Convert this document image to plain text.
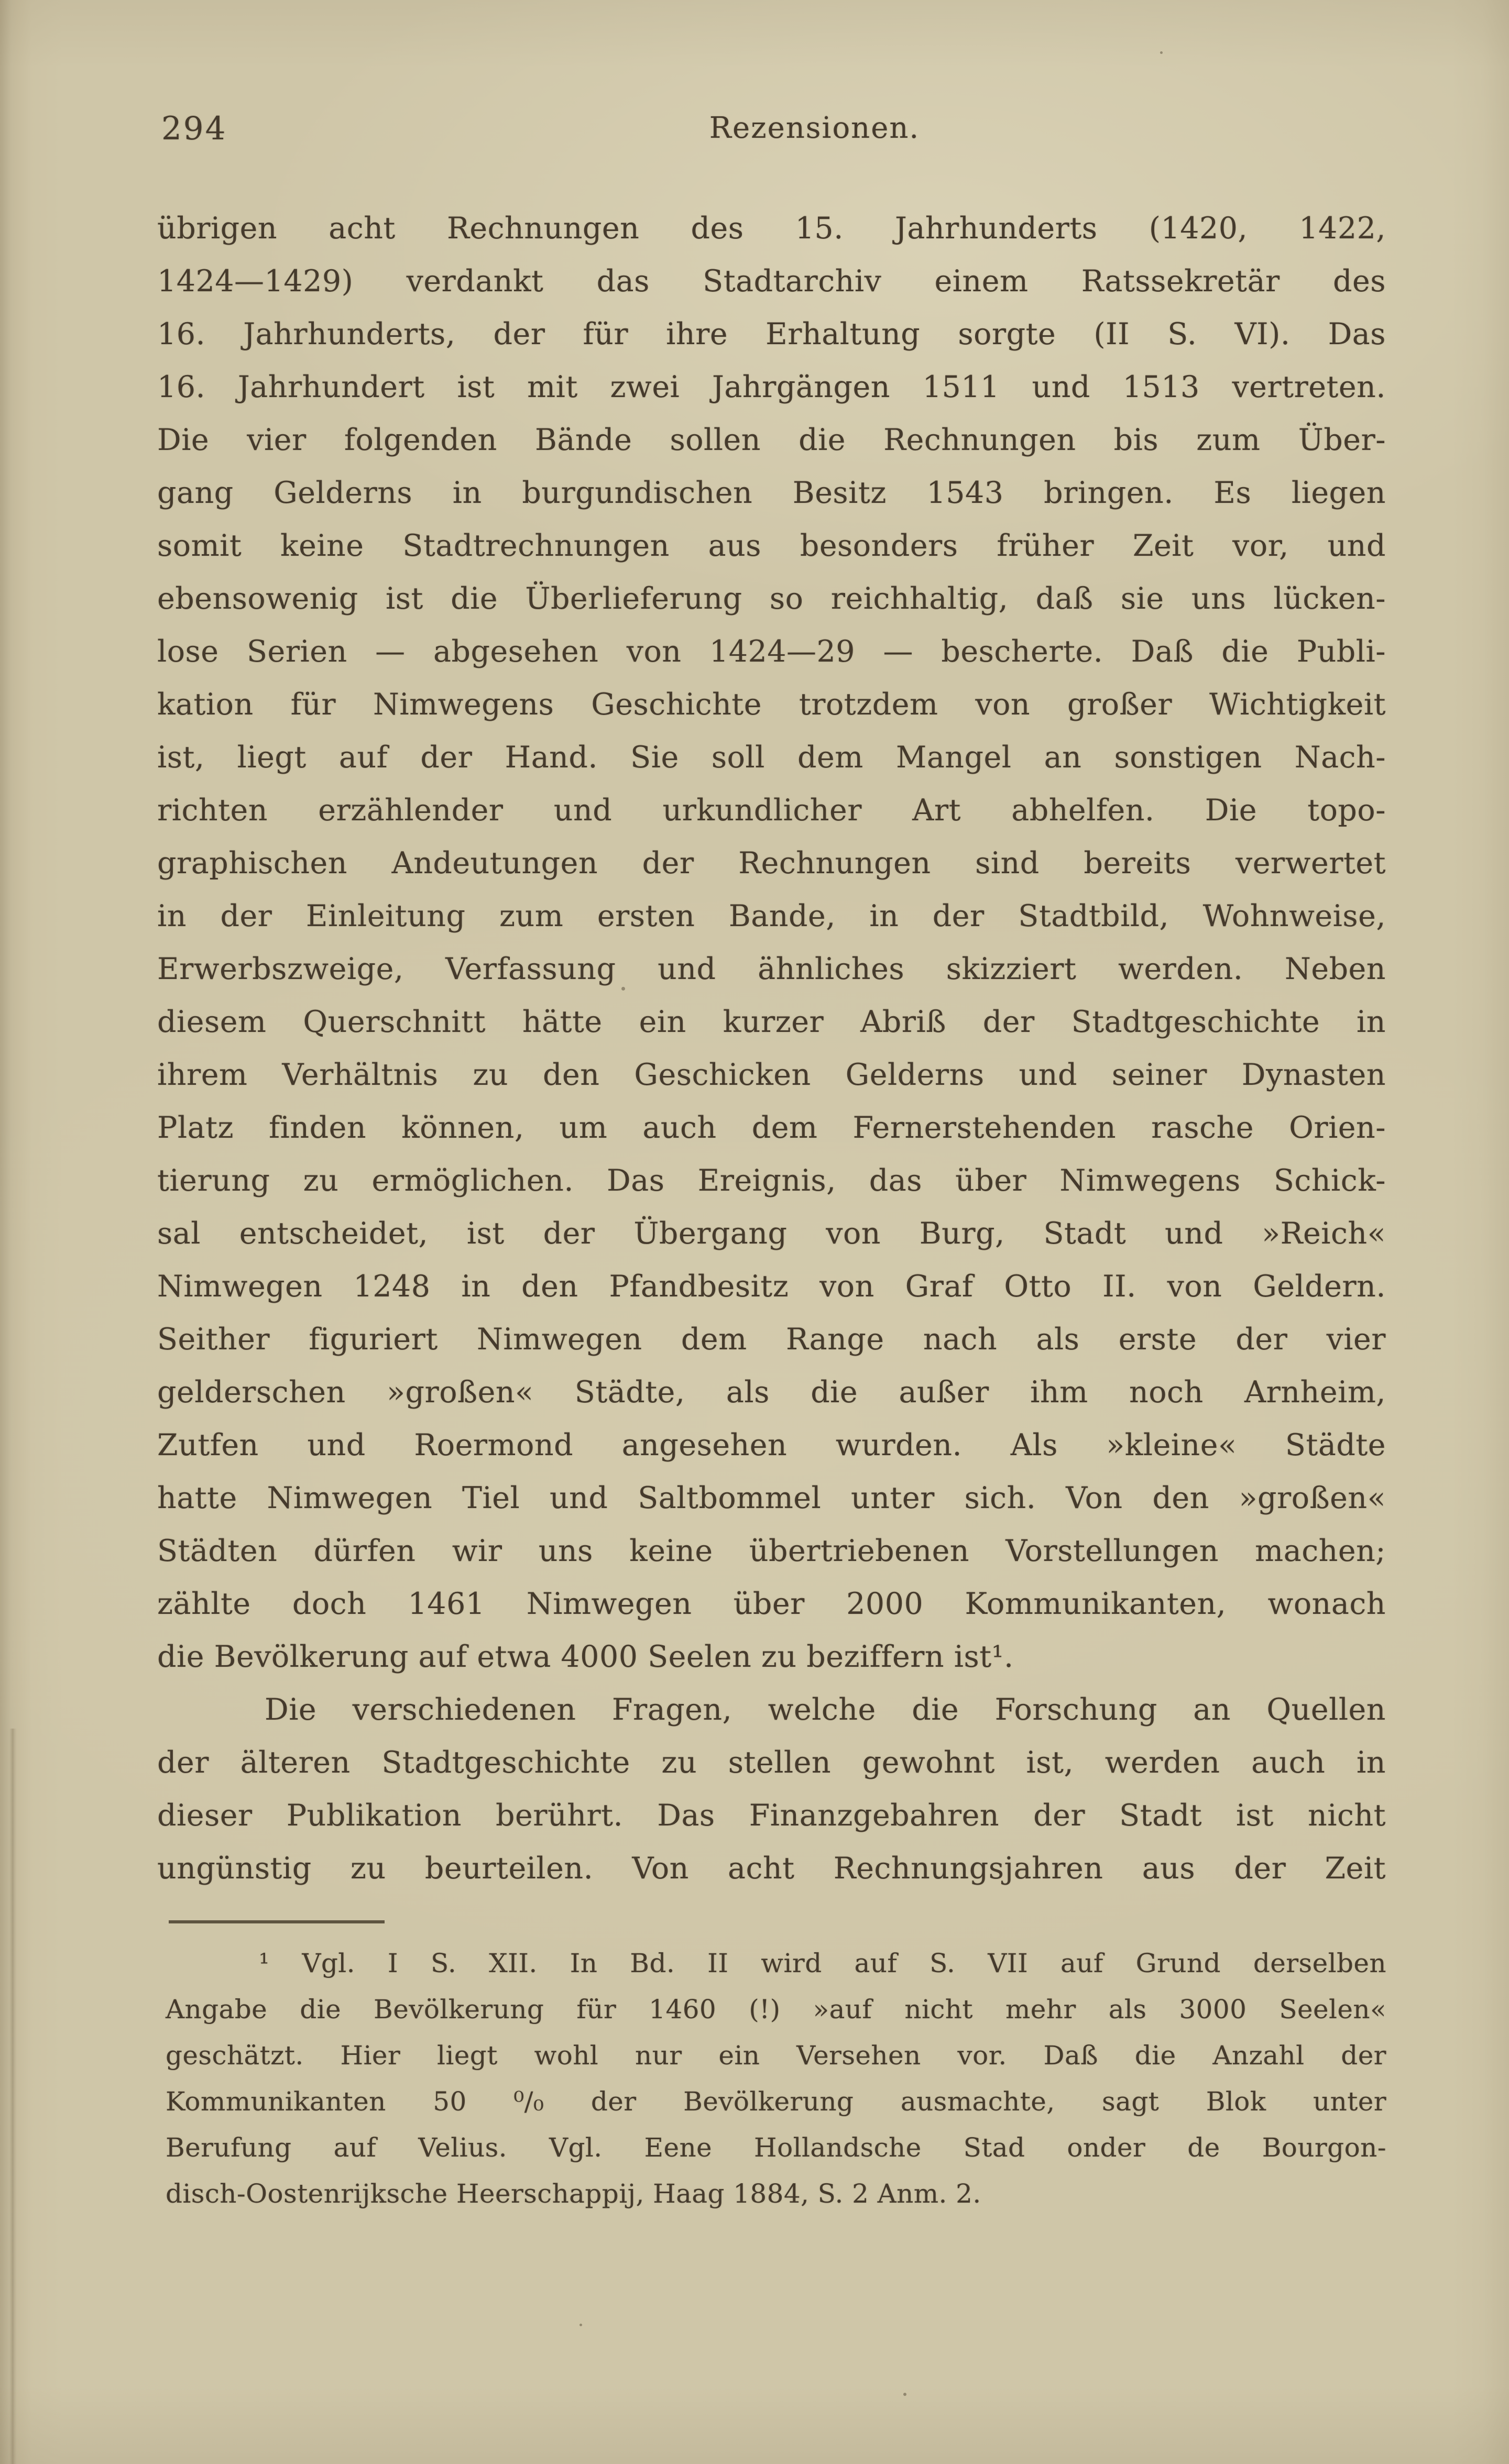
294	Rezensionen.
übrigen acht Rechnungen des 15. Jahrhunderts (1420, 1422,
1424—1429) verdankt das Stadtarchiv einem Ratssekretär des
16. Jahrhunderts, der für ihre Erhaltung sorgte (II S. VI). Das
16. Jahrhundert ist mit zwei Jahrgängen 1511 und 1513 vertreten.
Die vier folgenden Bände sollen die Rechnungen bis zum Über-
gang Gelderns in burgundischen Besitz 1543 bringen. Es liegen
somit keine Stadtrechnungen aus besonders früher Zeit vor, und
ebensowenig ist die Überlieferung so reichhaltig, daß sie uns lücken-
lose Serien — abgesehen von 1424—29 — bescherte. Daß die Publi-
kation für Nimwegens Geschichte trotzdem von großer Wichtigkeit
ist, liegt auf der Hand. Sie soll dem Mangel an sonstigen Nach-
richten erzählender und urkundlicher Art abhelfen. Die topo-
graphischen Andeutungen der Rechnungen sind bereits verwertet
in der Einleitung zum ersten Bande, in der Stadtbild, Wohnweise,
Erwerbszweige, Verfassung und ähnliches skizziert werden. Neben
diesem Querschnitt hätte ein kurzer Abriß der Stadtgeschichte in
ihrem Verhältnis zu den Geschicken Gelderns und seiner Dynasten
Platz finden können, um auch dem Fernerstehenden rasche Orien-
tierung zu ermöglichen. Das Ereignis, das über Nimwegens Schick-
sal entscheidet, ist der Übergang von Burg, Stadt und »Reich«
Nimwegen 1248 in den Pfandbesitz von Graf Otto II. von Geldern.
Seither figuriert Nimwegen dem Range nach als erste der vier
gelderschen »großen« Städte, als die außer ihm noch Arnheim,
Zutfen und Roermond angesehen wurden. Als »kleine« Städte
hatte Nimwegen Tiel und Saltbommel unter sich. Von den »großen«
Städten dürfen wir uns keine übertriebenen Vorstellungen machen;
zählte doch 1461 Nimwegen über 2000 Kommunikanten, wonach
die Bevölkerung auf etwa 4000 Seelen zu beziffern ist¹.
Die verschiedenen Fragen, welche die Forschung an Quellen
der älteren Stadtgeschichte zu stellen gewohnt ist, werden auch in
dieser Publikation berührt. Das Finanzgebahren der Stadt ist nicht
ungünstig zu beurteilen. Von acht Rechnungsjahren aus der Zeit
¹ Vgl. I S. XII. In Bd. II wird auf S. VII auf Grund derselben
Angabe die Bevölkerung für 1460 (!) »auf nicht mehr als 3000 Seelen«
geschätzt. Hier liegt wohl nur ein Versehen vor. Daß die Anzahl der
Kommunikanten 50 ⁰/₀ der Bevölkerung ausmachte, sagt Blok unter
Berufung auf Velius. Vgl. Eene Hollandsche Stad onder de Bourgon-
disch-Oostenrijksche Heerschappij, Haag 1884, S. 2 Anm. 2.
